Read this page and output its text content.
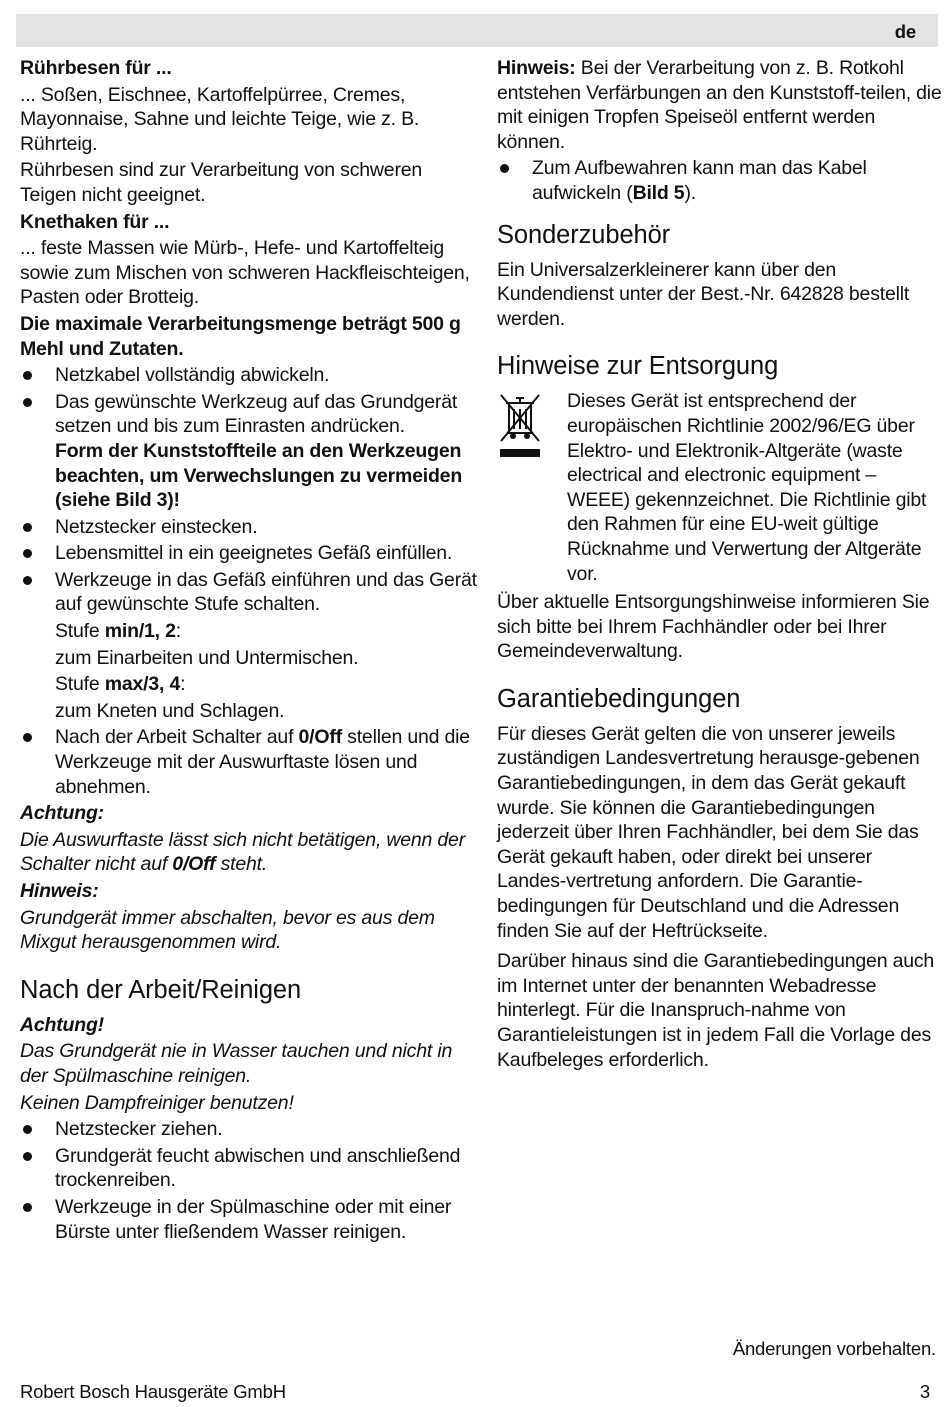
de

Rührbesen für ...

... Soßen, Eischnee, Kartoffelpürree, Cremes, Mayonnaise, Sahne und leichte Teige, wie z. B. Rührteig.

Rührbesen sind zur Verarbeitung von schweren Teigen nicht geeignet.

Knethaken für ...

... feste Massen wie Mürb-, Hefe- und Kartoffelteig sowie zum Mischen von schweren Hackfleischteigen, Pasten oder Brotteig.

Die maximale Verarbeitungsmenge beträgt 500 g Mehl und Zutaten.

Netzkabel vollständig abwickeln.
Das gewünschte Werkzeug auf das Grundgerät setzen und bis zum Einrasten andrücken.
Form der Kunststoffteile an den Werkzeugen beachten, um Verwechslungen zu vermeiden (siehe Bild 3)!
Netzstecker einstecken.
Lebensmittel in ein geeignetes Gefäß einfüllen.
Werkzeuge in das Gefäß einführen und das Gerät auf gewünschte Stufe schalten.
Stufe min/1, 2:
zum Einarbeiten und Untermischen.
Stufe max/3, 4:
zum Kneten und Schlagen.
Nach der Arbeit Schalter auf 0/Off stellen und die Werkzeuge mit der Auswurftaste lösen und abnehmen.

Achtung:

Die Auswurftaste lässt sich nicht betätigen, wenn der Schalter nicht auf 0/Off steht.

Hinweis:

Grundgerät immer abschalten, bevor es aus dem Mixgut herausgenommen wird.

Nach der Arbeit/Reinigen

Achtung!

Das Grundgerät nie in Wasser tauchen und nicht in der Spülmaschine reinigen.

Keinen Dampfreiniger benutzen!

Netzstecker ziehen.
Grundgerät feucht abwischen und anschließend trockenreiben.
Werkzeuge in der Spülmaschine oder mit einer Bürste unter fließendem Wasser reinigen.

Hinweis: Bei der Verarbeitung von z. B. Rotkohl entstehen Verfärbungen an den Kunststoff-teilen, die mit einigen Tropfen Speiseöl entfernt werden können.

Zum Aufbewahren kann man das Kabel aufwickeln (Bild 5).
Sonderzubehör

Ein Universalzerkleinerer kann über den Kundendienst unter der Best.-Nr. 642828 bestellt werden.

Hinweise zur Entsorgung
Dieses Gerät ist entsprechend der europäischen Richtlinie 2002/96/EG über Elektro- und Elektronik-Altgeräte (waste electrical and electronic equipment – WEEE) gekennzeichnet. Die Richtlinie gibt den Rahmen für eine EU-weit gültige Rücknahme und Verwertung der Altgeräte vor.

Über aktuelle Entsorgungshinweise informieren Sie sich bitte bei Ihrem Fachhändler oder bei Ihrer Gemeindeverwaltung.

Garantiebedingungen

Für dieses Gerät gelten die von unserer jeweils zuständigen Landesvertretung herausge-gebenen Garantiebedingungen, in dem das Gerät gekauft wurde. Sie können die Garantiebedingungen jederzeit über Ihren Fachhändler, bei dem Sie das Gerät gekauft haben, oder direkt bei unserer Landes-vertretung anfordern. Die Garantie-bedingungen für Deutschland und die Adressen finden Sie auf der Heftrückseite.

Darüber hinaus sind die Garantiebedingungen auch im Internet unter der benannten Webadresse hinterlegt. Für die Inanspruch-nahme von Garantieleistungen ist in jedem Fall die Vorlage des Kaufbeleges erforderlich.

Änderungen vorbehalten.
Robert Bosch Hausgeräte GmbH	3
